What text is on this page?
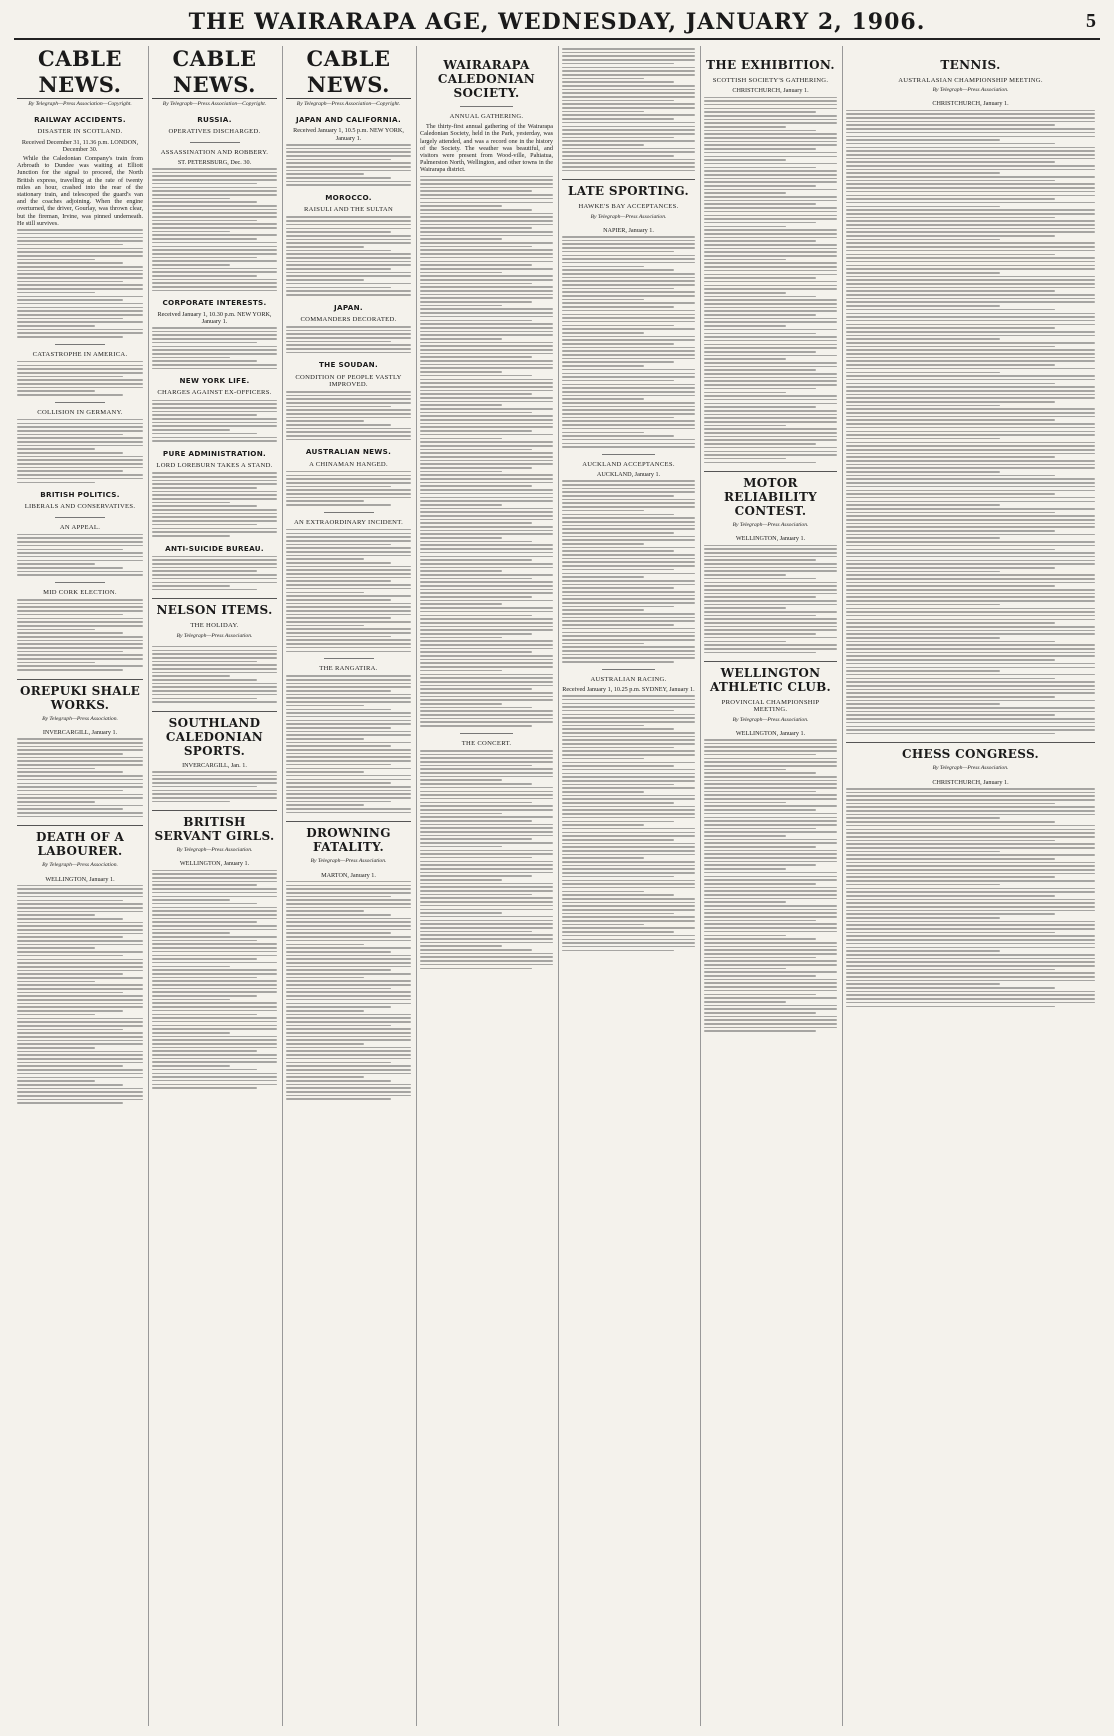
THE WAIRARAPA AGE, WEDNESDAY, JANUARY 2, 1906.	5
CABLE NEWS.
By Telegraph—Press Association—Copyright.
RAILWAY ACCIDENTS.
DISASTER IN SCOTLAND.
Received December 31, 11.36 p.m. LONDON, December 30.

While the Caledonian Company's train from Arbroath to Dundee was waiting at Elliott Junction for the signal to proceed, the North British express, travelling at the rate of twenty miles an hour, crashed into the rear of the stationary train, and telescoped the guard's van and the coaches adjoining. When the engine overturned, the driver, Gourlay, was thrown clear, but the fireman, Irvine, was pinned underneath. He still survives.

CATASTROPHE IN AMERICA.
COLLISION IN GERMANY.
BRITISH POLITICS.
LIBERALS AND CONSERVATIVES.
AN APPEAL.
MID CORK ELECTION.
OREPUKI SHALE WORKS.
By Telegraph—Press Association.
INVERCARGILL, January 1.
DEATH OF A LABOURER.
By Telegraph—Press Association.
WELLINGTON, January 1.
CABLE NEWS.
By Telegraph—Press Association—Copyright.
RUSSIA.
OPERATIVES DISCHARGED.
ASSASSINATION AND ROBBERY.
ST. PETERSBURG, Dec. 30.
CORPORATE INTERESTS.
Received January 1, 10.30 p.m. NEW YORK, January 1.
NEW YORK LIFE.
CHARGES AGAINST EX-OFFICERS.
PURE ADMINISTRATION.
LORD LOREBURN TAKES A STAND.
ANTI-SUICIDE BUREAU.
NELSON ITEMS.
THE HOLIDAY.
By Telegraph—Press Association.
SOUTHLAND CALEDONIAN SPORTS.
INVERCARGILL, Jan. 1.
BRITISH SERVANT GIRLS.
By Telegraph—Press Association.
WELLINGTON, January 1.
CABLE NEWS.
By Telegraph—Press Association—Copyright.
JAPAN AND CALIFORNIA.
Received January 1, 10.5 p.m. NEW YORK, January 1.
MOROCCO.
RAISULI AND THE SULTAN
JAPAN.
COMMANDERS DECORATED.
THE SOUDAN.
CONDITION OF PEOPLE VASTLY IMPROVED.
AUSTRALIAN NEWS.
A CHINAMAN HANGED.
AN EXTRAORDINARY INCIDENT.
THE RANGATIRA.
DROWNING FATALITY.
By Telegraph—Press Association.
MARTON, January 1.
WAIRARAPA CALEDONIAN SOCIETY.
ANNUAL GATHERING.

The thirty-first annual gathering of the Wairarapa Caledonian Society, held in the Park, yesterday, was largely attended, and was a record one in the history of the Society. The weather was beautiful, and visitors were present from Wood-ville, Pahiatua, Palmerston North, Wellington, and other towns in the Wairarapa district.

THE CONCERT.
LATE SPORTING.
HAWKE'S BAY ACCEPTANCES.
By Telegraph—Press Association.
NAPIER, January 1.
AUCKLAND ACCEPTANCES.
AUCKLAND, January 1.
AUSTRALIAN RACING.
Received January 1, 10.25 p.m. SYDNEY, January 1.
THE EXHIBITION.
SCOTTISH SOCIETY'S GATHERING.
CHRISTCHURCH, January 1.
MOTOR RELIABILITY CONTEST.
By Telegraph—Press Association.
WELLINGTON, January 1.
WELLINGTON ATHLETIC CLUB.
PROVINCIAL CHAMPIONSHIP MEETING.
By Telegraph—Press Association.
WELLINGTON, January 1.
TENNIS.
AUSTRALASIAN CHAMPIONSHIP MEETING.
By Telegraph—Press Association.
CHRISTCHURCH, January 1.
CHESS CONGRESS.
By Telegraph—Press Association.
CHRISTCHURCH, January 1.
